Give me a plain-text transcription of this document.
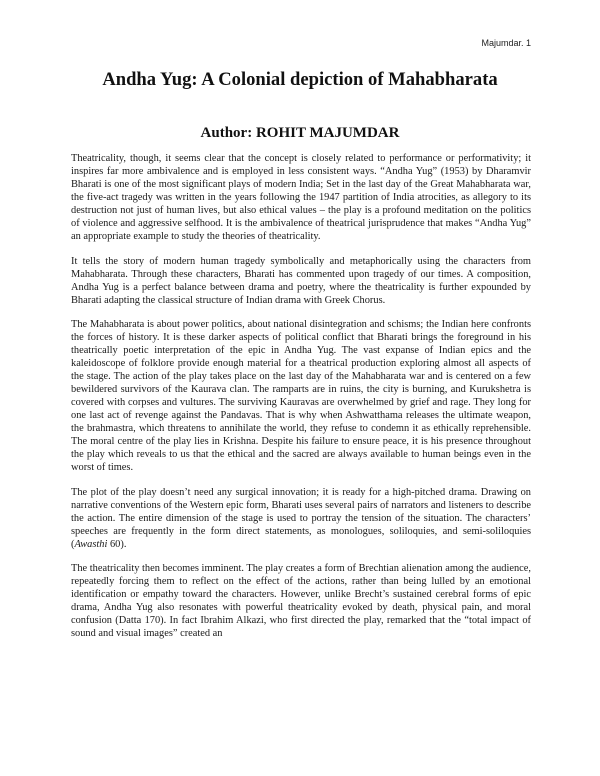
Majumdar. 1
Andha Yug: A Colonial depiction of Mahabharata
Author: ROHIT MAJUMDAR

Theatricality, though, it seems clear that the concept is closely related to performance or performativity; it inspires far more ambivalence and is employed in less consistent ways. “Andha Yug” (1953) by Dharamvir Bharati is one of the most significant plays of modern India; Set in the last day of the Great Mahabharata war, the five-act tragedy was written in the years following the 1947 partition of India atrocities, as allegory to its destruction not just of human lives, but also ethical values – the play is a profound meditation on the politics of violence and aggressive selfhood. It is the ambivalence of theatrical jurisprudence that makes “Andha Yug” an appropriate example to study the theories of theatricality.

It tells the story of modern human tragedy symbolically and metaphorically using the characters from Mahabharata. Through these characters, Bharati has commented upon tragedy of our times. A composition, Andha Yug is a perfect balance between drama and poetry, where the theatricality is further expounded by Bharati adapting the classical structure of Indian drama with Greek Chorus.

The Mahabharata is about power politics, about national disintegration and schisms; the Indian here confronts the forces of history. It is these darker aspects of political conflict that Bharati brings the foreground in his theatrically poetic interpretation of the epic in Andha Yug. The vast expanse of Indian epics and the kaleidoscope of folklore provide enough material for a theatrical production exploring almost all aspects of the stage. The action of the play takes place on the last day of the Mahabharata war and is centered on a few bewildered survivors of the Kaurava clan. The ramparts are in ruins, the city is burning, and Kurukshetra is covered with corpses and vultures. The surviving Kauravas are overwhelmed by grief and rage. They long for one last act of revenge against the Pandavas. That is why when Ashwatthama releases the ultimate weapon, the brahmastra, which threatens to annihilate the world, they refuse to condemn it as ethically reprehensible. The moral centre of the play lies in Krishna. Despite his failure to ensure peace, it is his presence throughout the play which reveals to us that the ethical and the sacred are always available to human beings even in the worst of times.

The plot of the play doesn’t need any surgical innovation; it is ready for a high-pitched drama. Drawing on narrative conventions of the Western epic form, Bharati uses several pairs of narrators and listeners to describe the action. The entire dimension of the stage is used to portray the tension of the situation. The characters’ speeches are frequently in the form direct statements, as monologues, soliloquies, and semi-soliloquies (Awasthi 60).

The theatricality then becomes imminent. The play creates a form of Brechtian alienation among the audience, repeatedly forcing them to reflect on the effect of the actions, rather than being lulled by an emotional identification or empathy toward the characters. However, unlike Brecht’s sustained cerebral forms of epic drama, Andha Yug also resonates with powerful theatricality evoked by death, physical pain, and moral confusion (Datta 170). In fact Ibrahim Alkazi, who first directed the play, remarked that the “total impact of sound and visual images” created an
